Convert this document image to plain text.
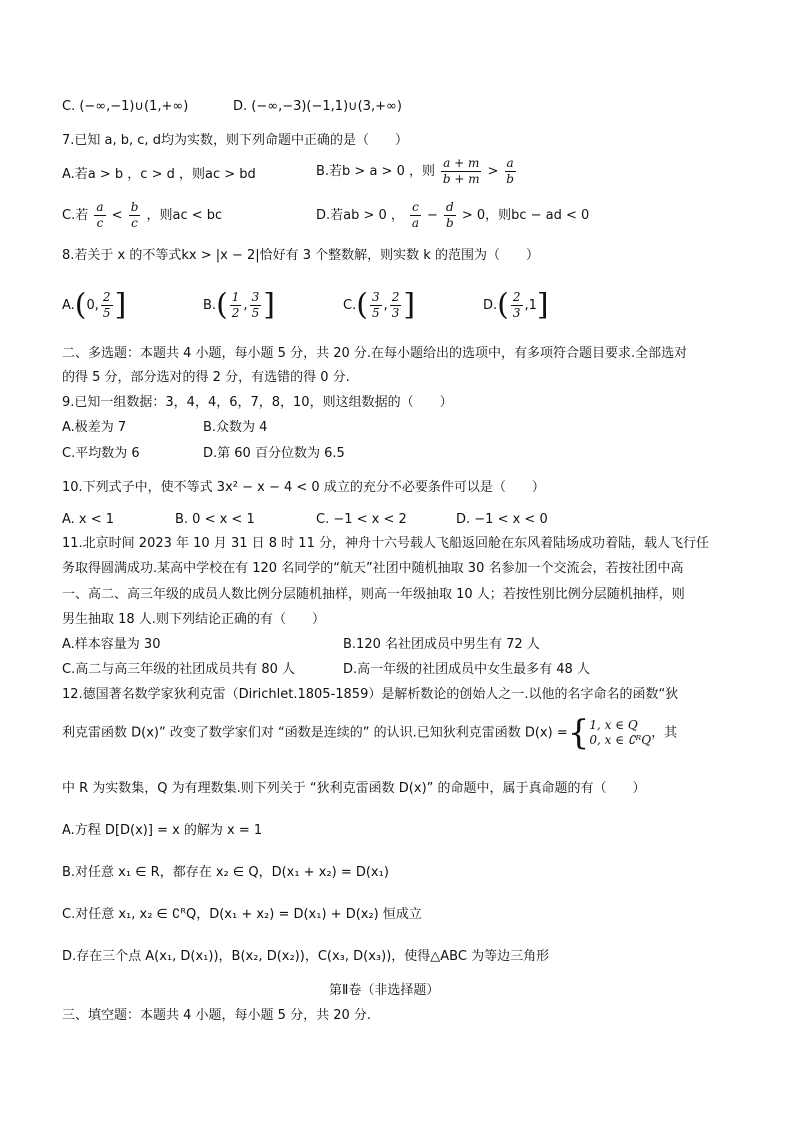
C. (−∞,−1)∪(1,+∞)	D. (−∞,−3)(−1,1)∪(3,+∞)
7.已知 a, b, c, d均为实数，则下列命题中正确的是（　　）
A.若a > b ，c > d ，则ac > bd	B.若b > a > 0 ，则 $\frac{a + m}{b + m} > \frac{a}{b}$
C.若 $\frac{a}{c} < \frac{b}{c}$ ，则ac < bc	D.若ab > 0 ， $\frac{c}{a} - \frac{d}{b} > 0$，则bc − ad < 0
8.若关于 x 的不等式kx > |x − 2|恰好有 3 个整数解，则实数 k 的范围为（　　）
A.(0, $\frac{2}{5}$ ]	$B.( \frac{1}{2}$ , $\frac{3}{5}$ ]	$C.( \frac{3}{5}$ , $\frac{2}{3}$ ]	$D.( \frac{2}{3} ,1]$
二、多选题：本题共 4 小题，每小题 5 分，共 20 分.在每小题给出的选项中，有多项符合题目要求.全部选对
的得 5 分，部分选对的得 2 分，有选错的得 0 分.
9.已知一组数据：3，4，4，6，7，8，10，则这组数据的（　　）
A.极差为 7	B.众数为 4
C.平均数为 6	D.第 60 百分位数为 6.5
10.下列式子中，使不等式 3x² − x − 4 < 0 成立的充分不必要条件可以是（　　）
A. x < 1	B. 0 < x < 1	C. −1 < x < 2	D. −1 < x < 0
11.北京时间 2023 年 10 月 31 日 8 时 11 分，神舟十六号载人飞船返回舱在东风着陆场成功着陆，载人飞行任
务取得圆满成功.某高中学校在有 120 名同学的“航天”社团中随机抽取 30 名参加一个交流会，若按社团中高
一、高二、高三年级的成员人数比例分层随机抽样，则高一年级抽取 10 人；若按性别比例分层随机抽样，则
男生抽取 18 人.则下列结论正确的有（　　）
A.样本容量为 30	B.120 名社团成员中男生有 72 人
C.高二与高三年级的社团成员共有 80 人	D.高一年级的社团成员中女生最多有 48 人
12.德国著名数学家狄利克雷（Dirichlet.1805-1859）是解析数论的创始人之一.以他的名字命名的函数“狄
利克雷函数 D(x)” 改变了数学家们对 “函数是连续的” 的认识.已知狄利克雷函数 D(x) ={ 1, x ∈ Q
0, x ∈ ∁ᴿQ ，其
中 R 为实数集，Q 为有理数集.则下列关于 “狄利克雷函数 D(x)” 的命题中，属于真命题的有（　　）
A.方程 D[D(x)] = x 的解为 x = 1
B.对任意 x₁ ∈ R，都存在 x₂ ∈ Q，D(x₁ + x₂) = D(x₁)
C.对任意 x₁, x₂ ∈ ∁ᴿQ，D(x₁ + x₂) = D(x₁) + D(x₂) 恒成立
D.存在三个点 A(x₁, D(x₁))，B(x₂, D(x₂))，C(x₃, D(x₃))，使得△ABC 为等边三角形
第Ⅱ卷（非选择题）
三、填空题：本题共 4 小题，每小题 5 分，共 20 分.
